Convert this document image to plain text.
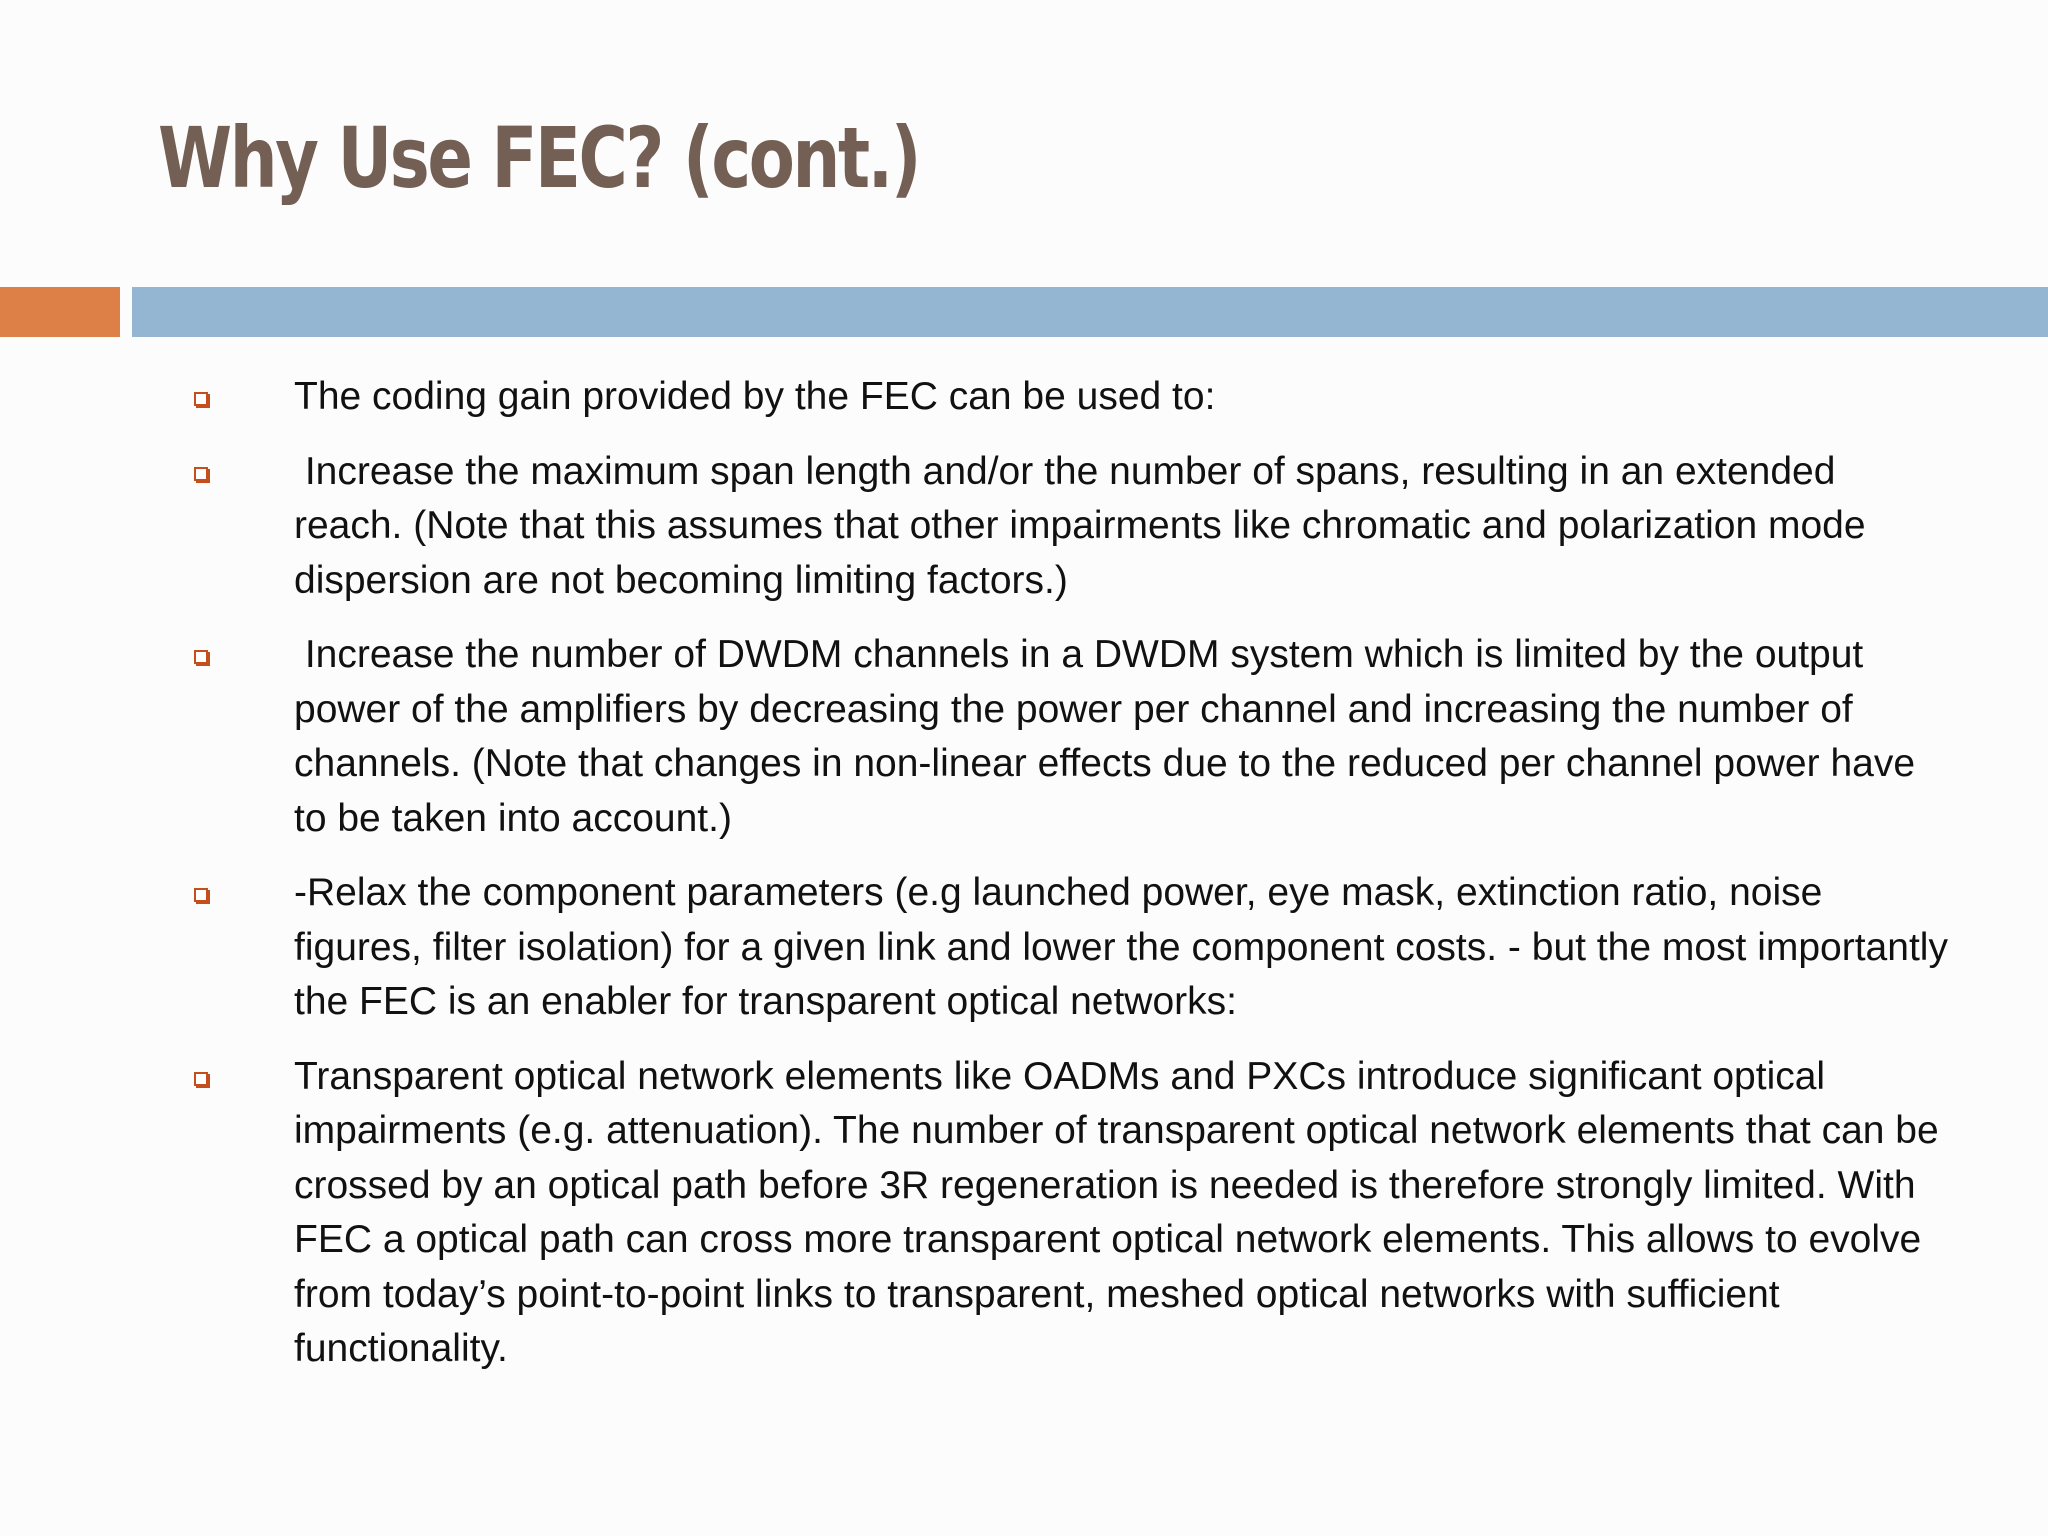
Why Use FEC? (cont.)
The coding gain provided by the FEC can be used to:
Increase the maximum span length and/or the number of spans, resulting in an extended reach. (Note that this assumes that other impairments like chromatic and polarization mode dispersion are not becoming limiting factors.)
Increase the number of DWDM channels in a DWDM system which is limited by the output power of the amplifiers by decreasing the power per channel and increasing the number of channels. (Note that changes in non-linear effects due to the reduced per channel power have to be taken into account.)
-Relax the component parameters (e.g launched power, eye mask, extinction ratio, noise figures, filter isolation) for a given link and lower the component costs. - but the most importantly the FEC is an enabler for transparent optical networks:
Transparent optical network elements like OADMs and PXCs introduce significant optical impairments (e.g. attenuation). The number of transparent optical network elements that can be crossed by an optical path before 3R regeneration is needed is therefore strongly limited. With FEC a optical path can cross more transparent optical network elements. This allows to evolve from today’s point-to-point links to transparent, meshed optical networks with sufficient functionality.
